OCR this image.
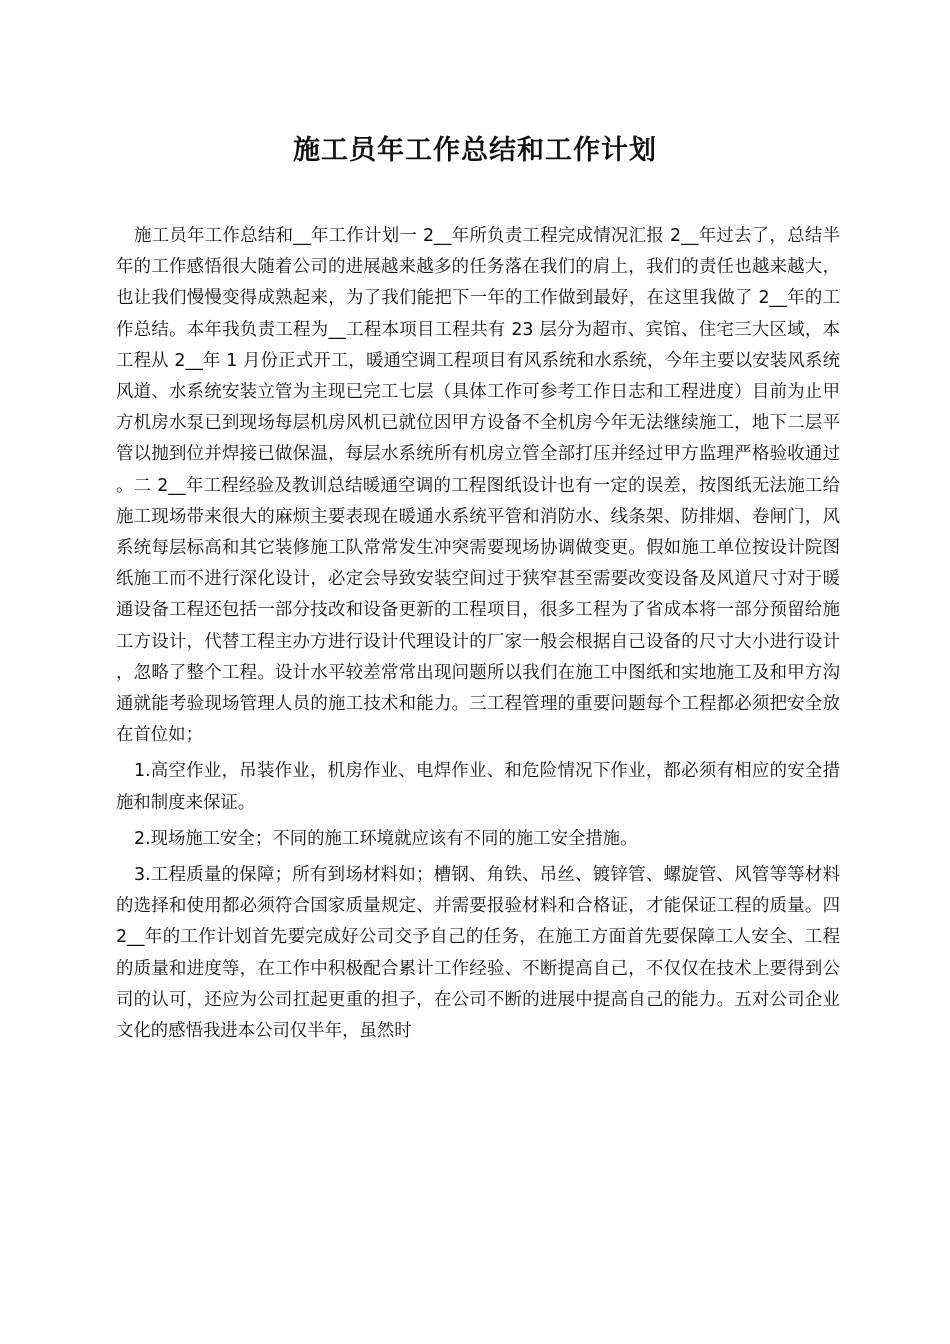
施工员年工作总结和工作计划

施工员年工作总结和__年工作计划一 2__年所负责工程完成情况汇报 2__年过去了，总结半年的工作感悟很大随着公司的进展越来越多的任务落在我们的肩上，我们的责任也越来越大，也让我们慢慢变得成熟起来，为了我们能把下一年的工作做到最好，在这里我做了 2__年的工作总结。本年我负责工程为__工程本项目工程共有 23 层分为超市、宾馆、住宅三大区域，本工程从 2__年 1 月份正式开工，暖通空调工程项目有风系统和水系统，今年主要以安装风系统风道、水系统安装立管为主现已完工七层（具体工作可参考工作日志和工程进度）目前为止甲方机房水泵已到现场每层机房风机已就位因甲方设备不全机房今年无法继续施工，地下二层平管以抛到位并焊接已做保温，每层水系统所有机房立管全部打压并经过甲方监理严格验收通过。二 2__年工程经验及教训总结暖通空调的工程图纸设计也有一定的误差，按图纸无法施工给施工现场带来很大的麻烦主要表现在暖通水系统平管和消防水、线条架、防排烟、卷闸门，风系统每层标高和其它装修施工队常常发生冲突需要现场协调做变更。假如施工单位按设计院图纸施工而不进行深化设计，必定会导致安装空间过于狭窄甚至需要改变设备及风道尺寸对于暖通设备工程还包括一部分技改和设备更新的工程项目，很多工程为了省成本将一部分预留给施工方设计，代替工程主办方进行设计代理设计的厂家一般会根据自己设备的尺寸大小进行设计，忽略了整个工程。设计水平较差常常出现问题所以我们在施工中图纸和实地施工及和甲方沟通就能考验现场管理人员的施工技术和能力。三工程管理的重要问题每个工程都必须把安全放在首位如；

1.高空作业，吊装作业，机房作业、电焊作业、和危险情况下作业，都必须有相应的安全措施和制度来保证。

2.现场施工安全；不同的施工环境就应该有不同的施工安全措施。

3.工程质量的保障；所有到场材料如；槽钢、角铁、吊丝、镀锌管、螺旋管、风管等等材料的选择和使用都必须符合国家质量规定、并需要报验材料和合格证，才能保证工程的质量。四 2__年的工作计划首先要完成好公司交予自己的任务，在施工方面首先要保障工人安全、工程的质量和进度等，在工作中积极配合累计工作经验、不断提高自己，不仅仅在技术上要得到公司的认可，还应为公司扛起更重的担子，在公司不断的进展中提高自己的能力。五对公司企业文化的感悟我进本公司仅半年，虽然时
